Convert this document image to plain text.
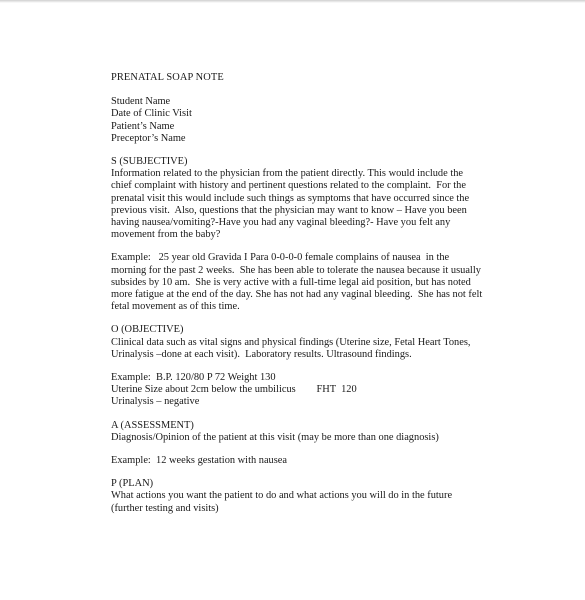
PRENATAL SOAP NOTE
Student Name
Date of Clinic Visit
Patient’s Name
Preceptor’s Name
S (SUBJECTIVE)
Information related to the physician from the patient directly. This would include the
chief complaint with history and pertinent questions related to the complaint.  For the
prenatal visit this would include such things as symptoms that have occurred since the
previous visit.  Also, questions that the physician may want to know – Have you been
having nausea/vomiting?-Have you had any vaginal bleeding?- Have you felt any
movement from the baby?
Example:   25 year old Gravida I Para 0-0-0-0 female complains of nausea  in the
morning for the past 2 weeks.  She has been able to tolerate the nausea because it usually
subsides by 10 am.  She is very active with a full-time legal aid position, but has noted
more fatigue at the end of the day. She has not had any vaginal bleeding.  She has not felt
fetal movement as of this time.
O (OBJECTIVE)
Clinical data such as vital signs and physical findings (Uterine size, Fetal Heart Tones,
Urinalysis –done at each visit).  Laboratory results. Ultrasound findings.
Example:  B.P. 120/80 P 72 Weight 130
Uterine Size about 2cm below the umbilicus        FHT  120
Urinalysis – negative
A (ASSESSMENT)
Diagnosis/Opinion of the patient at this visit (may be more than one diagnosis)
Example:  12 weeks gestation with nausea
P (PLAN)
What actions you want the patient to do and what actions you will do in the future
(further testing and visits)
